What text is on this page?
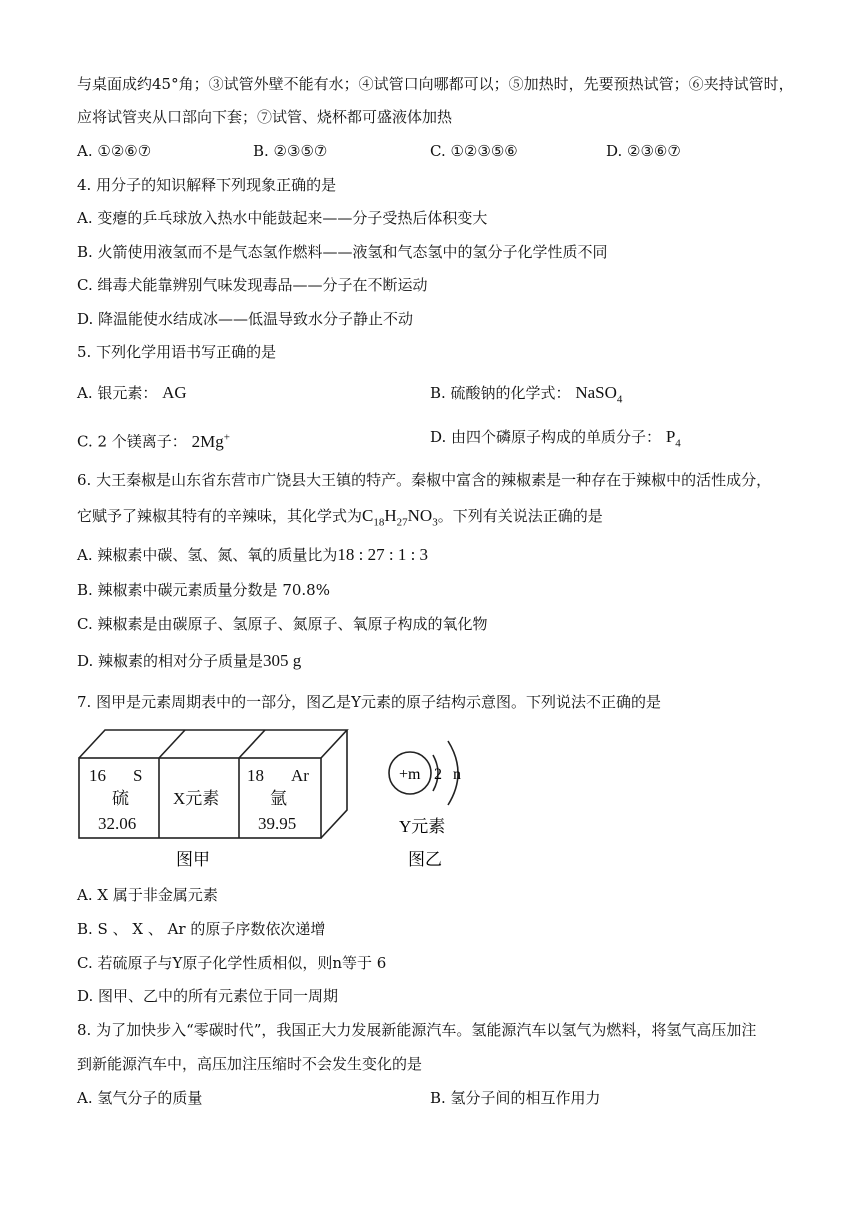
与桌面成约45°角；③试管外壁不能有水；④试管口向哪都可以；⑤加热时，先要预热试管；⑥夹持试管时，
应将试管夹从口部向下套；⑦试管、烧杯都可盛液体加热
A. ①②⑥⑦	B. ②③⑤⑦	C. ①②③⑤⑥	D. ②③⑥⑦
4. 用分子的知识解释下列现象正确的是
A. 变瘪的乒乓球放入热水中能鼓起来——分子受热后体积变大
B. 火箭使用液氢而不是气态氢作燃料——液氢和气态氢中的氢分子化学性质不同
C. 缉毒犬能靠辨别气味发现毒品——分子在不断运动
D. 降温能使水结成冰——低温导致水分子静止不动
5. 下列化学用语书写正确的是
A. 银元素： AG	B. 硫酸钠的化学式： NaSO$_4$
C. 2 个镁离子： 2Mg+	D. 由四个磷原子构成的单质分子： $P_4$
6. 大王秦椒是山东省东营市广饶县大王镇的特产。秦椒中富含的辣椒素是一种存在于辣椒中的活性成分，
它赋予了辣椒其特有的辛辣味，其化学式为$C_{18}H_{27}NO_3$。下列有关说法正确的是
A. 辣椒素中碳、氢、氮、氧的质量比为18 : 27 : 1 : 3
B. 辣椒素中碳元素质量分数是 70.8%
C. 辣椒素是由碳原子、氢原子、氮原子、氧原子构成的氧化物
D. 辣椒素的相对分子质量是305 g
7. 图甲是元素周期表中的一部分，图乙是Y元素的原子结构示意图。下列说法不正确的是
16 S
硫
32.06
X元素
18 Ar
氩
39.95
+m 2 n
Y元素
图甲	图乙
A. X 属于非金属元素
B. S 、 X 、 Ar 的原子序数依次递增
C. 若硫原子与Y原子化学性质相似，则n等于 6
D. 图甲、乙中的所有元素位于同一周期
8. 为了加快步入“零碳时代”，我国正大力发展新能源汽车。氢能源汽车以氢气为燃料，将氢气高压加注
到新能源汽车中，高压加注压缩时不会发生变化的是
A. 氢气分子的质量	B. 氢分子间的相互作用力
